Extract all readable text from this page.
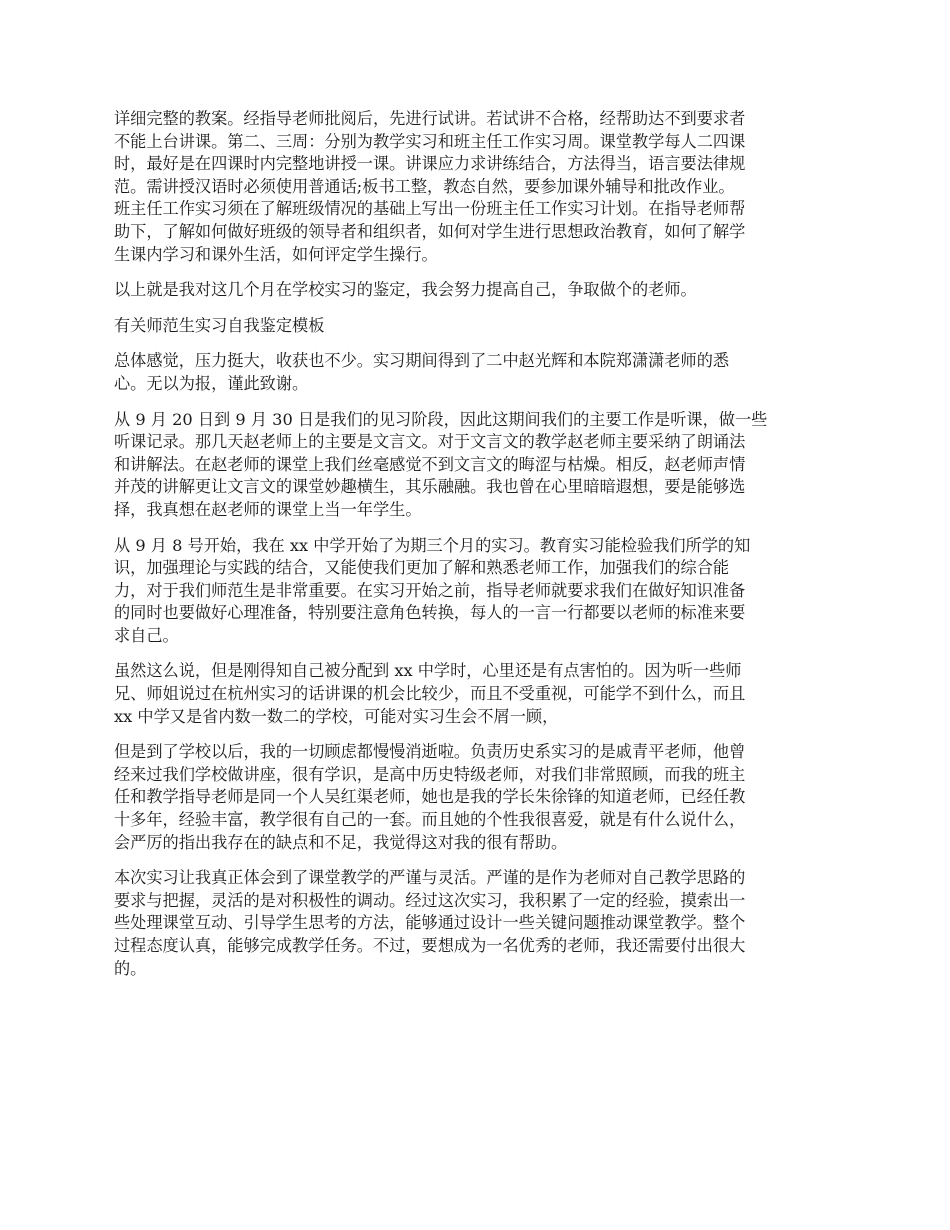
详细完整的教案。经指导老师批阅后，先进行试讲。若试讲不合格，经帮助达不到要求者
不能上台讲课。第二、三周：分别为教学实习和班主任工作实习周。课堂教学每人二四课
时，最好是在四课时内完整地讲授一课。讲课应力求讲练结合，方法得当，语言要法律规
范。需讲授汉语时必须使用普通话;板书工整，教态自然，要参加课外辅导和批改作业。
班主任工作实习须在了解班级情况的基础上写出一份班主任工作实习计划。在指导老师帮
助下，了解如何做好班级的领导者和组织者，如何对学生进行思想政治教育，如何了解学
生课内学习和课外生活，如何评定学生操行。

以上就是我对这几个月在学校实习的鉴定，我会努力提高自己，争取做个的老师。

有关师范生实习自我鉴定模板

总体感觉，压力挺大，收获也不少。实习期间得到了二中赵光辉和本院郑潇潇老师的悉
心。无以为报，谨此致谢。

从 9 月 20 日到 9 月 30 日是我们的见习阶段，因此这期间我们的主要工作是听课，做一些
听课记录。那几天赵老师上的主要是文言文。对于文言文的教学赵老师主要采纳了朗诵法
和讲解法。在赵老师的课堂上我们丝毫感觉不到文言文的晦涩与枯燥。相反，赵老师声情
并茂的讲解更让文言文的课堂妙趣横生，其乐融融。我也曾在心里暗暗遐想，要是能够选
择，我真想在赵老师的课堂上当一年学生。

从 9 月 8 号开始，我在 xx 中学开始了为期三个月的实习。教育实习能检验我们所学的知
识，加强理论与实践的结合，又能使我们更加了解和熟悉老师工作，加强我们的综合能
力，对于我们师范生是非常重要。在实习开始之前，指导老师就要求我们在做好知识准备
的同时也要做好心理准备，特别要注意角色转换，每人的一言一行都要以老师的标准来要
求自己。

虽然这么说，但是刚得知自己被分配到 xx 中学时，心里还是有点害怕的。因为听一些师
兄、师姐说过在杭州实习的话讲课的机会比较少，而且不受重视，可能学不到什么，而且
xx 中学又是省内数一数二的学校，可能对实习生会不屑一顾，

但是到了学校以后，我的一切顾虑都慢慢消逝啦。负责历史系实习的是戚青平老师，他曾
经来过我们学校做讲座，很有学识，是高中历史特级老师，对我们非常照顾，而我的班主
任和教学指导老师是同一个人吴红渠老师，她也是我的学长朱徐锋的知道老师，已经任教
十多年，经验丰富，教学很有自己的一套。而且她的个性我很喜爱，就是有什么说什么，
会严厉的指出我存在的缺点和不足，我觉得这对我的很有帮助。

本次实习让我真正体会到了课堂教学的严谨与灵活。严谨的是作为老师对自己教学思路的
要求与把握，灵活的是对积极性的调动。经过这次实习，我积累了一定的经验，摸索出一
些处理课堂互动、引导学生思考的方法，能够通过设计一些关键问题推动课堂教学。整个
过程态度认真，能够完成教学任务。不过，要想成为一名优秀的老师，我还需要付出很大
的。
